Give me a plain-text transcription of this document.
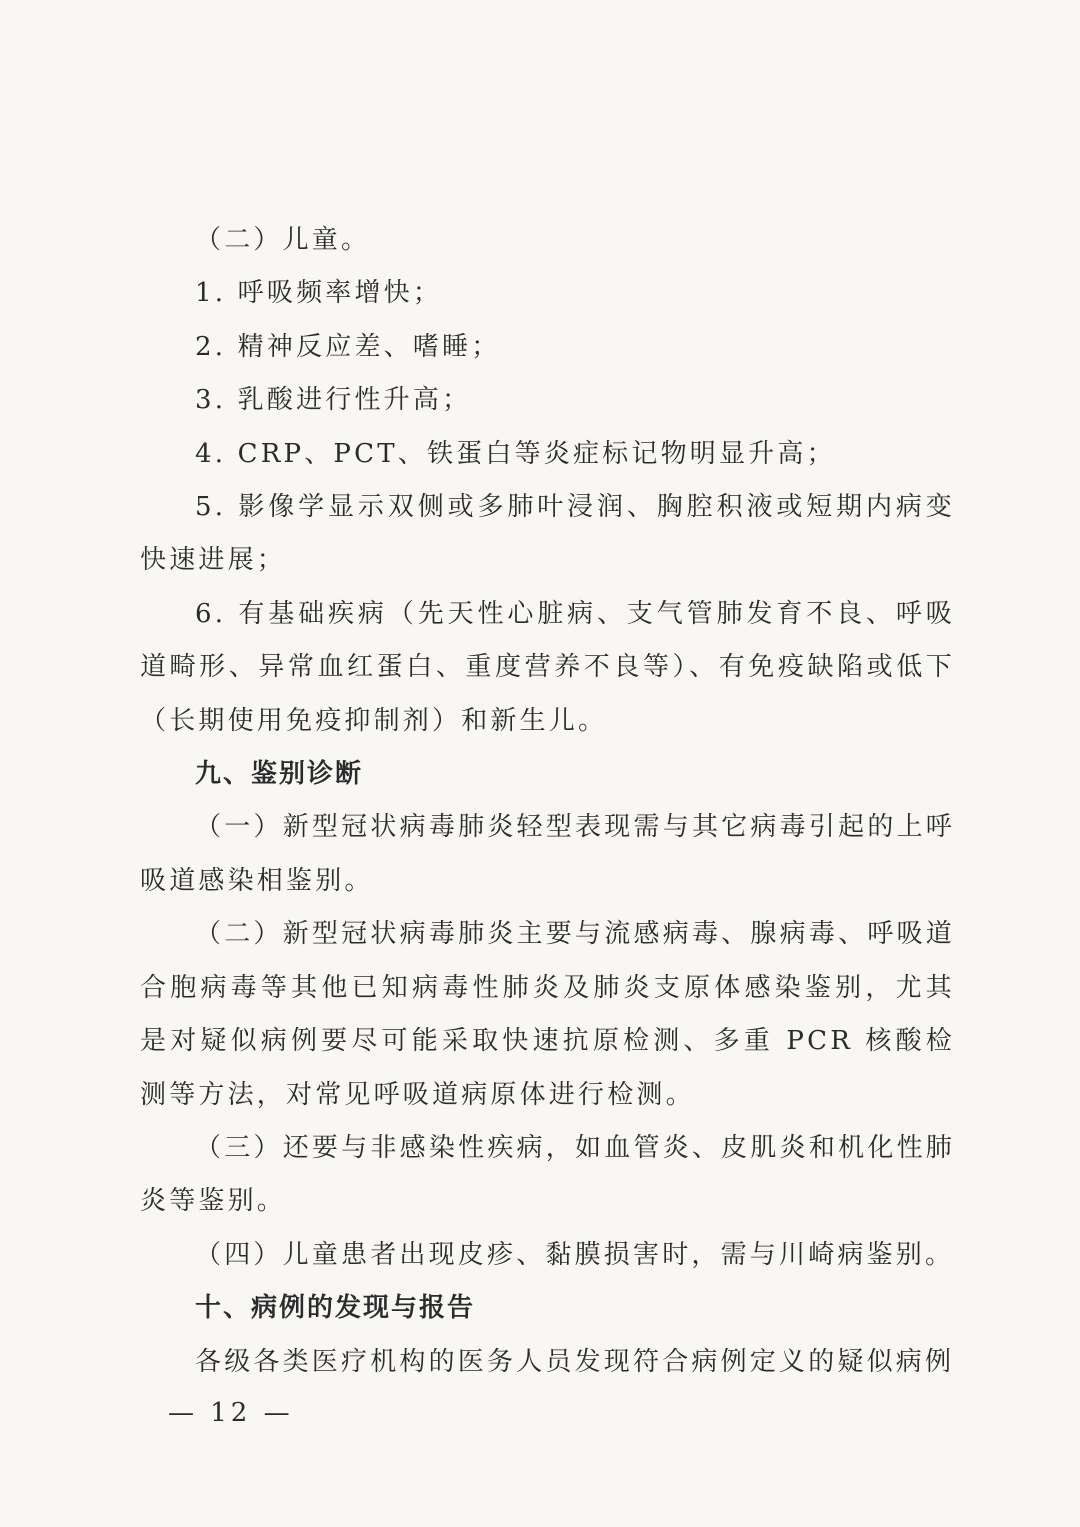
（二）儿童。

1. 呼吸频率增快；

2. 精神反应差、嗜睡；

3. 乳酸进行性升高；

4. CRP、PCT、铁蛋白等炎症标记物明显升高；

5. 影像学显示双侧或多肺叶浸润、胸腔积液或短期内病变快速进展；

6. 有基础疾病（先天性心脏病、支气管肺发育不良、呼吸道畸形、异常血红蛋白、重度营养不良等）、有免疫缺陷或低下（长期使用免疫抑制剂）和新生儿。

九、鉴别诊断

（一）新型冠状病毒肺炎轻型表现需与其它病毒引起的上呼吸道感染相鉴别。

（二）新型冠状病毒肺炎主要与流感病毒、腺病毒、呼吸道合胞病毒等其他已知病毒性肺炎及肺炎支原体感染鉴别，尤其是对疑似病例要尽可能采取快速抗原检测、多重 PCR 核酸检测等方法，对常见呼吸道病原体进行检测。

（三）还要与非感染性疾病，如血管炎、皮肌炎和机化性肺炎等鉴别。

（四）儿童患者出现皮疹、黏膜损害时，需与川崎病鉴别。

十、病例的发现与报告

各级各类医疗机构的医务人员发现符合病例定义的疑似病例

— 12 —
